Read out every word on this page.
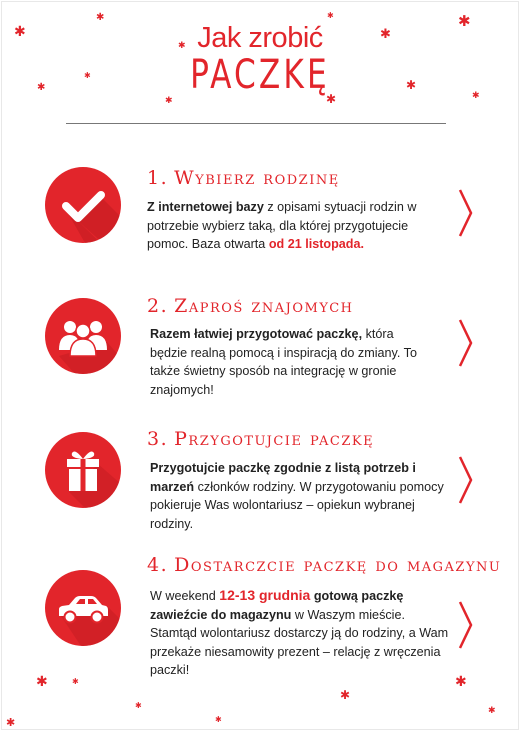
✱
✱
✱
✱
✱
✱
✱	✱
✱
✱
✱	✱
✱	✱
✱
✱
✱
✱
✱
✱
Jak zrobić
PACZKĘ
1. Wybierz rodzinę
Z internetowej bazy z opisami sytuacji rodzin w potrzebie wybierz taką, dla której przygotujecie pomoc. Baza otwarta od 21 listopada.
2. Zaproś znajomych
Razem łatwiej przygotować paczkę, która będzie realną pomocą i inspiracją do zmiany. To także świetny sposób na integrację w gronie znajomych!
3. Przygotujcie paczkę
Przygotujcie paczkę zgodnie z listą potrzeb i marzeń członków rodziny. W przygotowaniu pomocy pokieruje Was wolontariusz – opiekun wybranej rodziny.
4. Dostarczcie paczkę do magazynu
W weekend 12-13 grudnia gotową paczkę zawieźcie do magazynu w Waszym mieście. Stamtąd wolontariusz dostarczy ją do rodziny, a Wam przekaże niesamowity prezent – relację z wręczenia paczki!
